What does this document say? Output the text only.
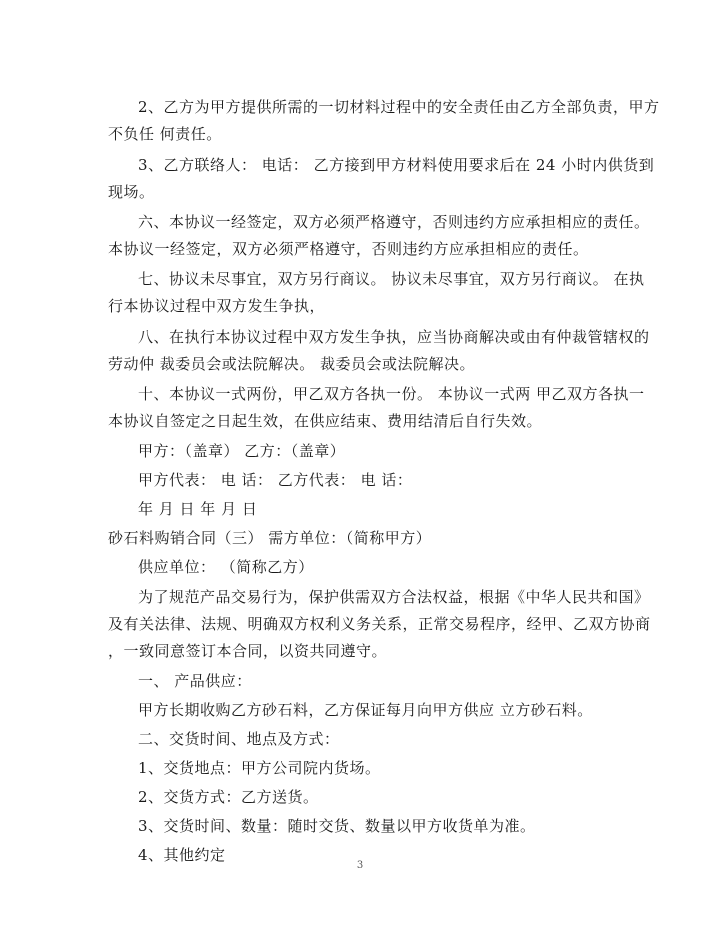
2、乙方为甲方提供所需的一切材料过程中的安全责任由乙方全部负责，甲方
不负任 何责任。
3、乙方联络人： 电话： 乙方接到甲方材料使用要求后在 24 小时内供货到
现场。
六、本协议一经签定，双方必须严格遵守，否则违约方应承担相应的责任。
本协议一经签定，双方必须严格遵守，否则违约方应承担相应的责任。
七、协议未尽事宜，双方另行商议。 协议未尽事宜，双方另行商议。 在执
行本协议过程中双方发生争执，
八、在执行本协议过程中双方发生争执，应当协商解决或由有仲裁管辖权的
劳动仲 裁委员会或法院解决。 裁委员会或法院解决。
十、本协议一式两份，甲乙双方各执一份。 本协议一式两 甲乙双方各执一
本协议自签定之日起生效，在供应结束、费用结清后自行失效。
甲方：（盖章） 乙方：（盖章）
甲方代表： 电 话： 乙方代表： 电 话：
年 月 日 年 月 日
砂石料购销合同（三） 需方单位：（简称甲方）
供应单位： （简称乙方）
为了规范产品交易行为，保护供需双方合法权益，根据《中华人民共和国》
及有关法律、法规、明确双方权利义务关系，正常交易程序，经甲、乙双方协商
，一致同意签订本合同，以资共同遵守。
一、 产品供应：
甲方长期收购乙方砂石料，乙方保证每月向甲方供应 立方砂石料。
二、交货时间、地点及方式：
1、交货地点：甲方公司院内货场。
2、交货方式：乙方送货。
3、交货时间、数量：随时交货、数量以甲方收货单为准。
4、其他约定
3
